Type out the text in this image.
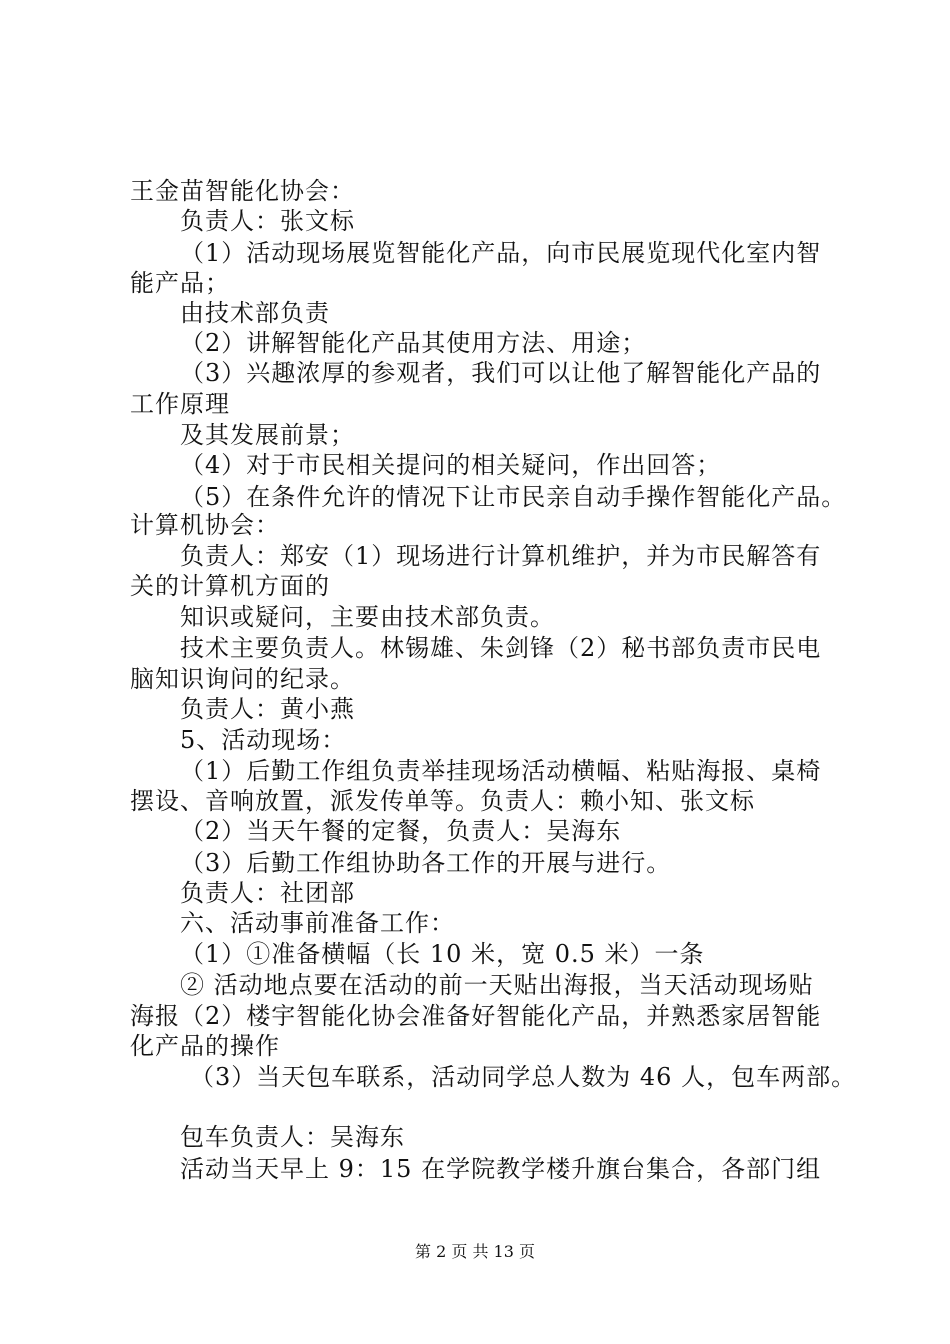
王金苗智能化协会：
负责人：张文标
（1）活动现场展览智能化产品，向市民展览现代化室内智
能产品；
由技术部负责
（2）讲解智能化产品其使用方法、用途；
（3）兴趣浓厚的参观者，我们可以让他了解智能化产品的
工作原理
及其发展前景；
（4）对于市民相关提问的相关疑问，作出回答；
（5）在条件允许的情况下让市民亲自动手操作智能化产品。
计算机协会：
负责人：郑安（1）现场进行计算机维护，并为市民解答有
关的计算机方面的
知识或疑问，主要由技术部负责。
技术主要负责人。林锡雄、朱剑锋（2）秘书部负责市民电
脑知识询问的纪录。
负责人：黄小燕
5、活动现场：
（1）后勤工作组负责举挂现场活动横幅、粘贴海报、桌椅
摆设、音响放置，派发传单等。负责人：赖小知、张文标
（2）当天午餐的定餐，负责人：吴海东
（3）后勤工作组协助各工作的开展与进行。
负责人：社团部
六、活动事前准备工作：
（1）①准备横幅（长 10 米，宽 0.5 米）一条
② 活动地点要在活动的前一天贴出海报，当天活动现场贴
海报（2）楼宇智能化协会准备好智能化产品，并熟悉家居智能
化产品的操作
（3）当天包车联系，活动同学总人数为 46 人，包车两部。
包车负责人：吴海东
活动当天早上 9：15 在学院教学楼升旗台集合，各部门组
第 2 页 共 13 页
